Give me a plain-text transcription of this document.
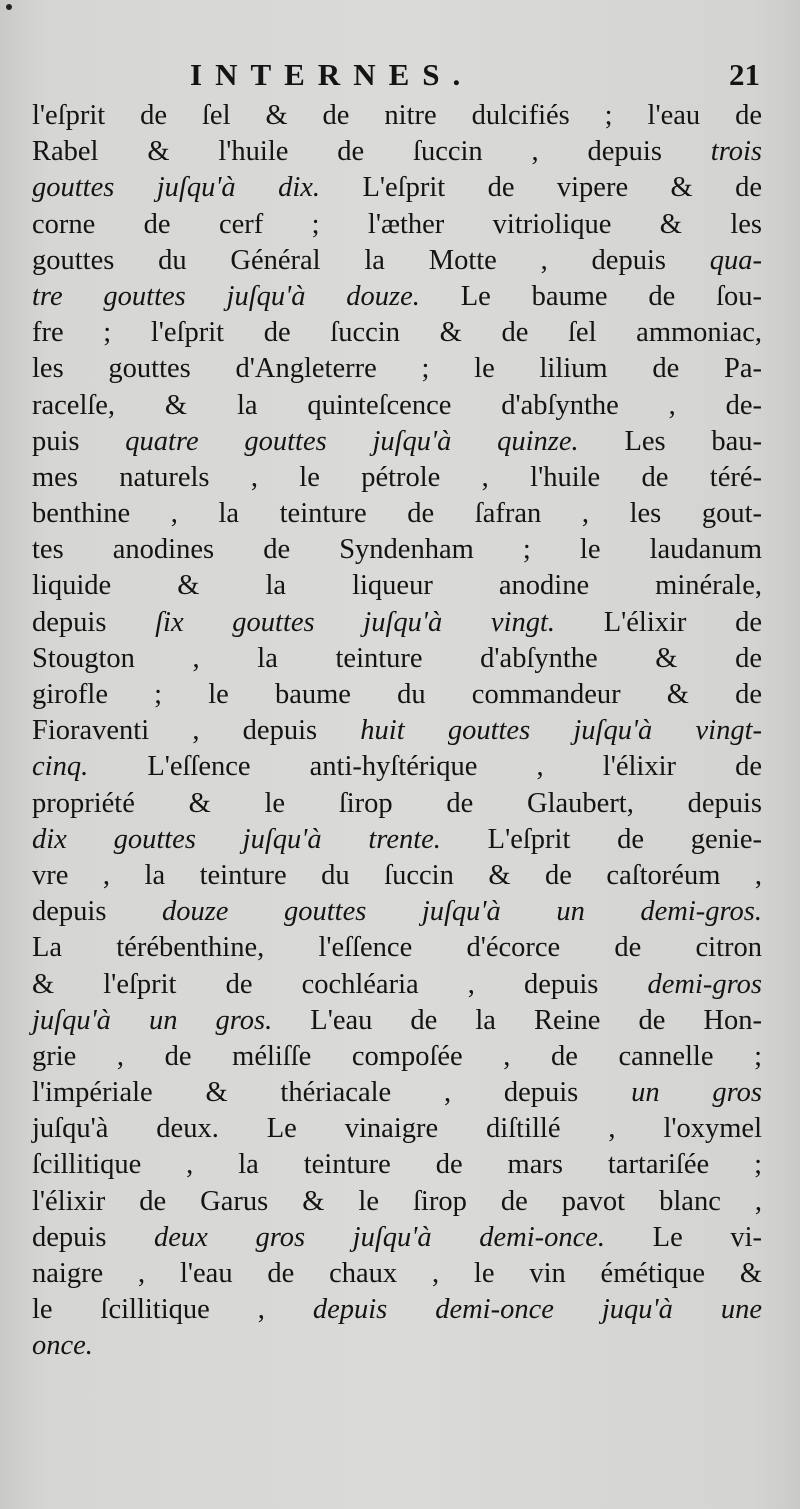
INTERNES.	21
l'eſprit de ſel & de nitre dulcifiés ; l'eau de
Rabel & l'huile de ſuccin , depuis trois
gouttes juſqu'à dix. L'eſprit de vipere & de
corne de cerf ; l'æther vitriolique & les
gouttes du Général la Motte , depuis qua-
tre gouttes juſqu'à douze. Le baume de ſou-
fre ; l'eſprit de ſuccin & de ſel ammoniac,
les gouttes d'Angleterre ; le lilium de Pa-
racelſe, & la quinteſcence d'abſynthe , de-
puis quatre gouttes juſqu'à quinze. Les bau-
mes naturels , le pétrole , l'huile de téré-
benthine , la teinture de ſafran , les gout-
tes anodines de Syndenham ; le laudanum
liquide & la liqueur anodine minérale,
depuis ſix gouttes juſqu'à vingt. L'élixir de
Stougton , la teinture d'abſynthe & de
girofle ; le baume du commandeur & de
Fioraventi , depuis huit gouttes juſqu'à vingt-
cinq. L'eſſence anti-hyſtérique , l'élixir de
propriété & le ſirop de Glaubert, depuis
dix gouttes juſqu'à trente. L'eſprit de genie-
vre , la teinture du ſuccin & de caſtoréum ,
depuis douze gouttes juſqu'à un demi-gros.
La térébenthine, l'eſſence d'écorce de citron
& l'eſprit de cochléaria , depuis demi-gros
juſqu'à un gros. L'eau de la Reine de Hon-
grie , de méliſſe compoſée , de cannelle ;
l'impériale & thériacale , depuis un gros
juſqu'à deux. Le vinaigre diſtillé , l'oxymel
ſcillitique , la teinture de mars tartariſée ;
l'élixir de Garus & le ſirop de pavot blanc ,
depuis deux gros juſqu'à demi-once. Le vi-
naigre , l'eau de chaux , le vin émétique &
le ſcillitique , depuis demi-once juqu'à une
once.
